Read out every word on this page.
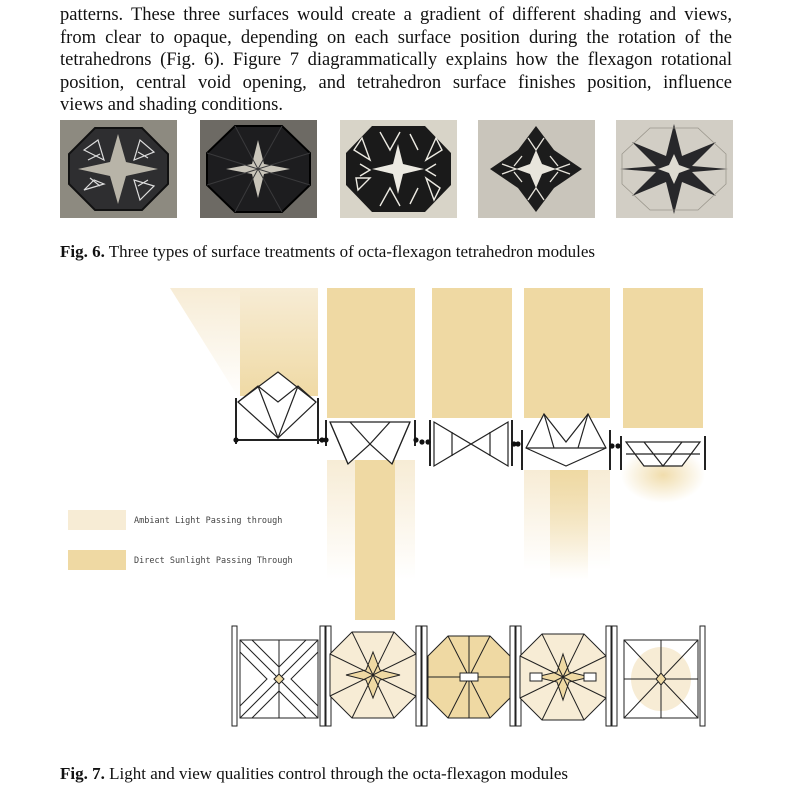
patterns. These three surfaces would create a gradient of different shading and views,
from clear to opaque, depending on each surface position during the rotation of the
tetrahedrons (Fig. 6). Figure 7 diagrammatically explains how the flexagon rotational
position, central void opening, and tetrahedron surface finishes position, influence
views and shading conditions.

Fig. 6. Three types of surface treatments of octa-flexagon tetrahedron modules

Ambiant Light Passing through
Direct Sunlight Passing Through

Fig. 7. Light and view qualities control through the octa-flexagon modules
